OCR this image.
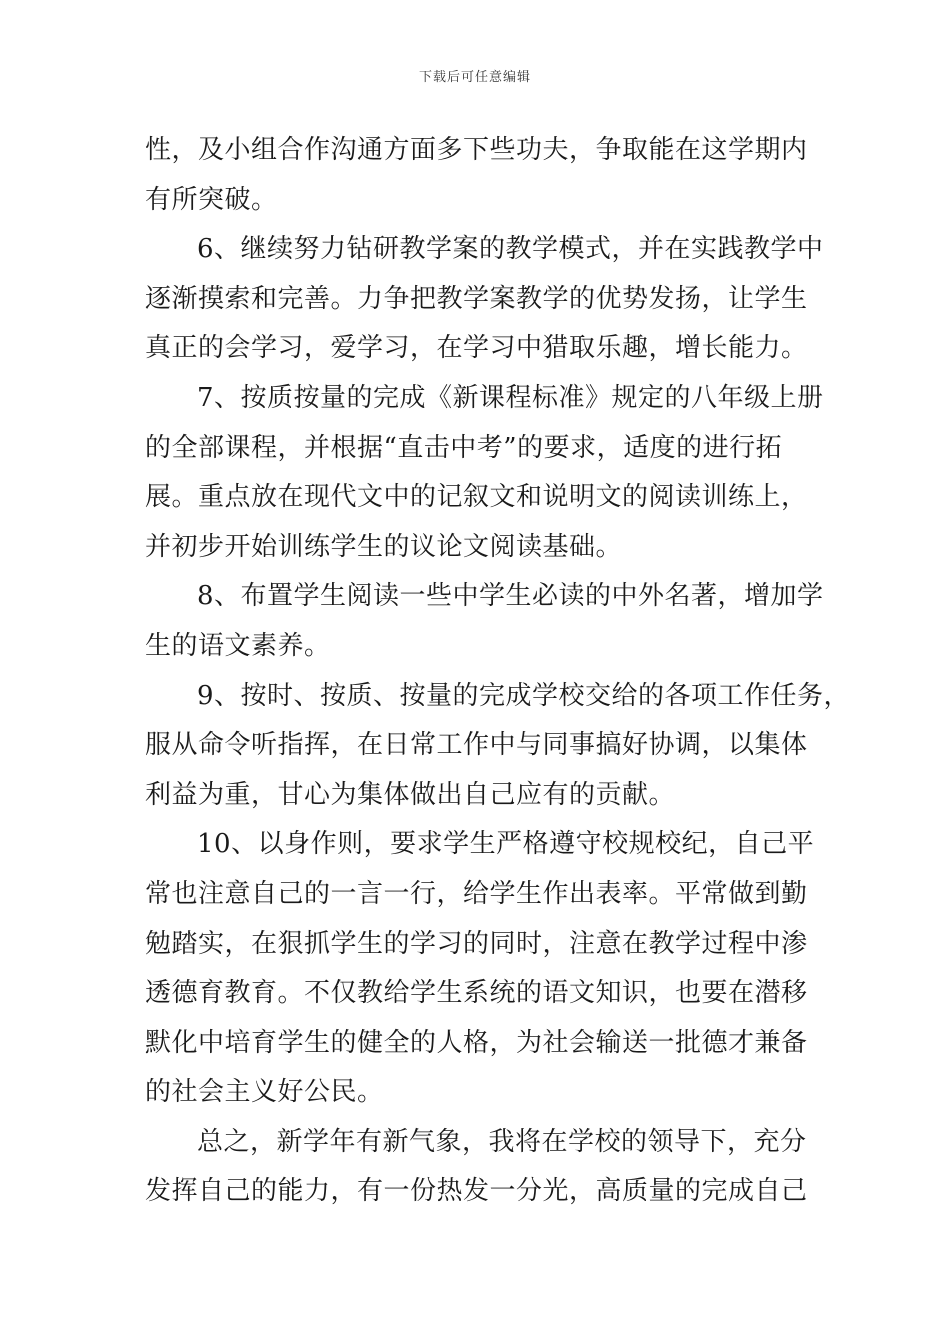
下载后可任意编辑
性，及小组合作沟通方面多下些功夫，争取能在这学期内
有所突破。
6、继续努力钻研教学案的教学模式，并在实践教学中
逐渐摸索和完善。力争把教学案教学的优势发扬，让学生
真正的会学习，爱学习，在学习中猎取乐趣，增长能力。
7、按质按量的完成《新课程标准》规定的八年级上册
的全部课程，并根据“直击中考”的要求，适度的进行拓
展。重点放在现代文中的记叙文和说明文的阅读训练上，
并初步开始训练学生的议论文阅读基础。
8、布置学生阅读一些中学生必读的中外名著，增加学
生的语文素养。
9、按时、按质、按量的完成学校交给的各项工作任务，
服从命令听指挥，在日常工作中与同事搞好协调，以集体
利益为重，甘心为集体做出自己应有的贡献。
10、以身作则，要求学生严格遵守校规校纪，自己平
常也注意自己的一言一行，给学生作出表率。平常做到勤
勉踏实，在狠抓学生的学习的同时，注意在教学过程中渗
透德育教育。不仅教给学生系统的语文知识，也要在潜移
默化中培育学生的健全的人格，为社会输送一批德才兼备
的社会主义好公民。
总之，新学年有新气象，我将在学校的领导下，充分
发挥自己的能力，有一份热发一分光，高质量的完成自己
